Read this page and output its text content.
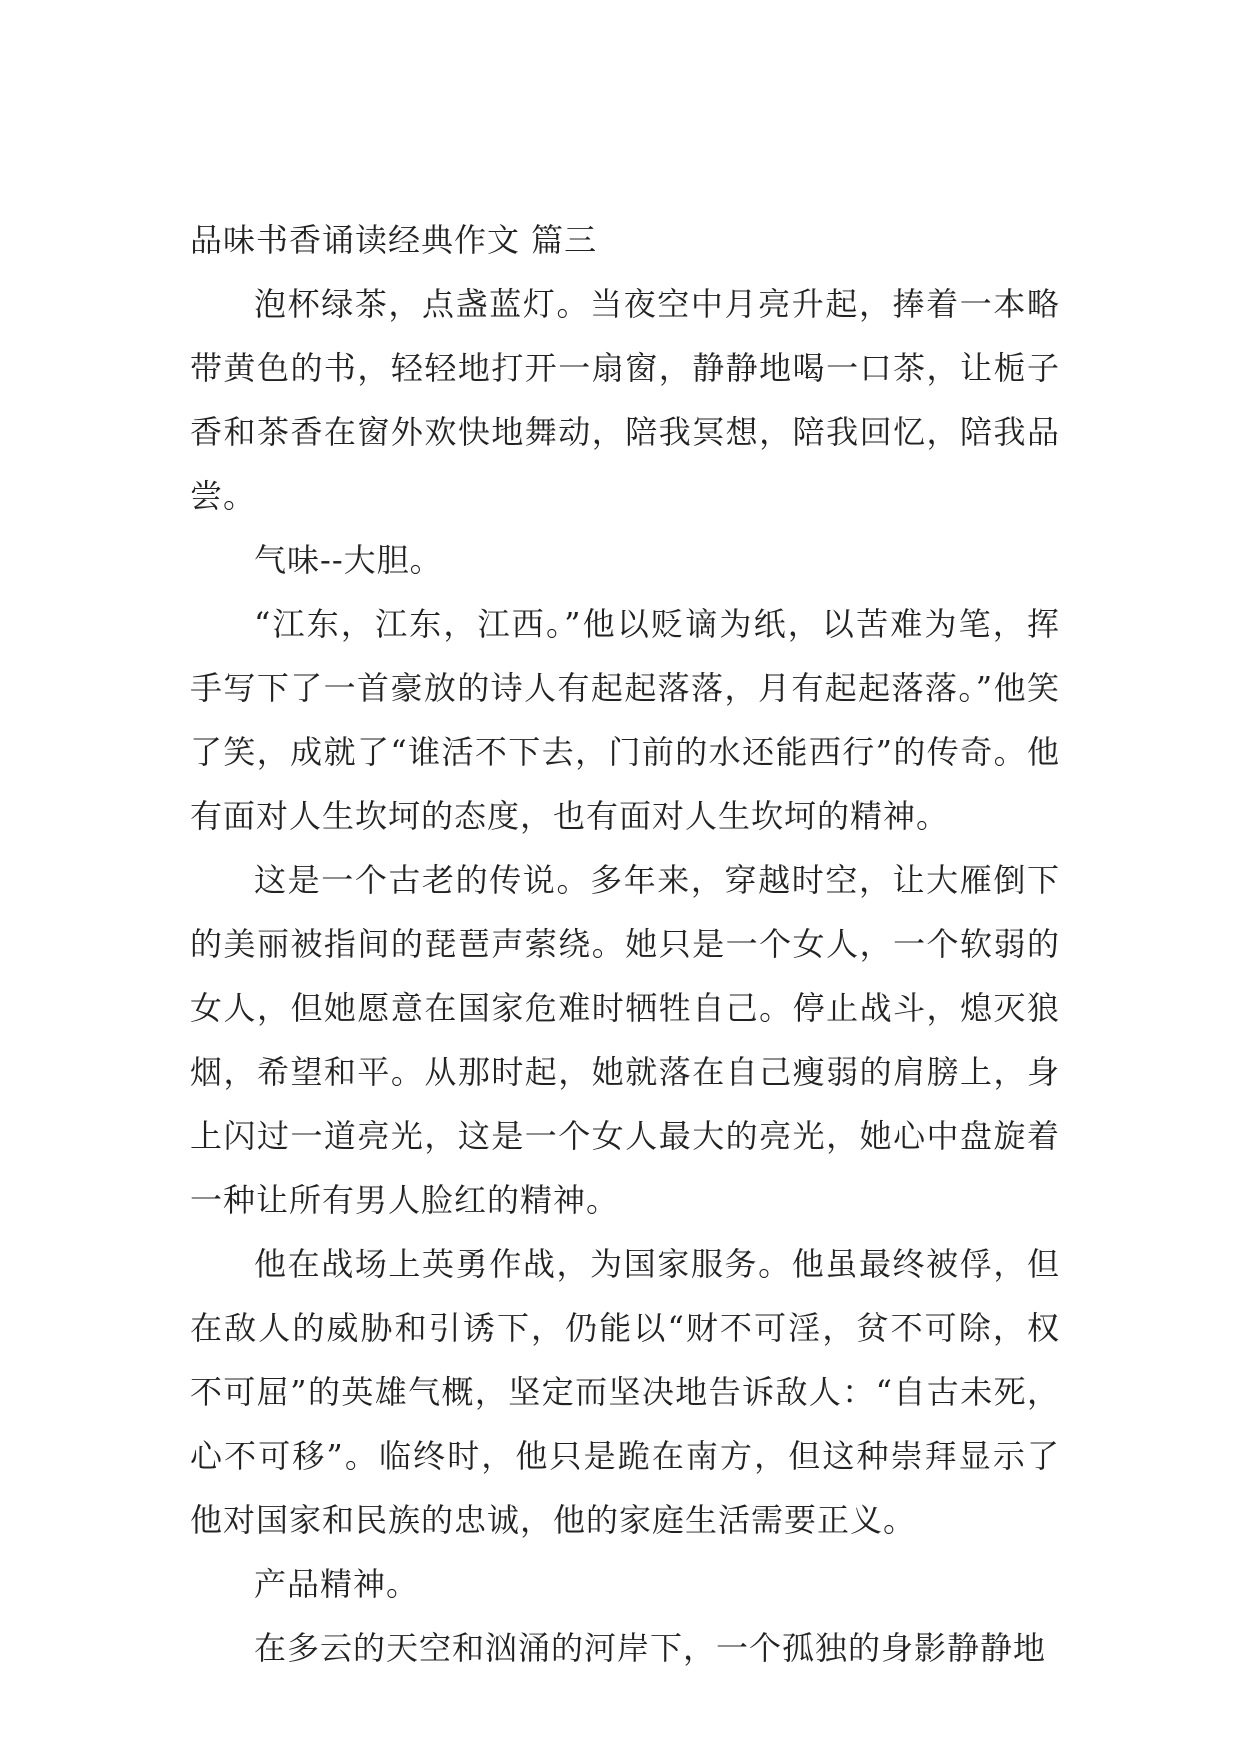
品味书香诵读经典作文 篇三

泡杯绿茶，点盏蓝灯。当夜空中月亮升起，捧着一本略带黄色的书，轻轻地打开一扇窗，静静地喝一口茶，让栀子香和茶香在窗外欢快地舞动，陪我冥想，陪我回忆，陪我品尝。

气味--大胆。

“江东，江东，江西。”他以贬谪为纸，以苦难为笔，挥手写下了一首豪放的诗人有起起落落，月有起起落落。”他笑了笑，成就了“谁活不下去，门前的水还能西行”的传奇。他有面对人生坎坷的态度，也有面对人生坎坷的精神。

这是一个古老的传说。多年来，穿越时空，让大雁倒下的美丽被指间的琵琶声萦绕。她只是一个女人，一个软弱的女人，但她愿意在国家危难时牺牲自己。停止战斗，熄灭狼烟，希望和平。从那时起，她就落在自己瘦弱的肩膀上，身上闪过一道亮光，这是一个女人最大的亮光，她心中盘旋着一种让所有男人脸红的精神。

他在战场上英勇作战，为国家服务。他虽最终被俘，但在敌人的威胁和引诱下，仍能以“财不可淫，贫不可除，权不可屈”的英雄气概，坚定而坚决地告诉敌人：“自古未死，心不可移”。临终时，他只是跪在南方，但这种崇拜显示了他对国家和民族的忠诚，他的家庭生活需要正义。

产品精神。

在多云的天空和汹涌的河岸下，一个孤独的身影静静地
